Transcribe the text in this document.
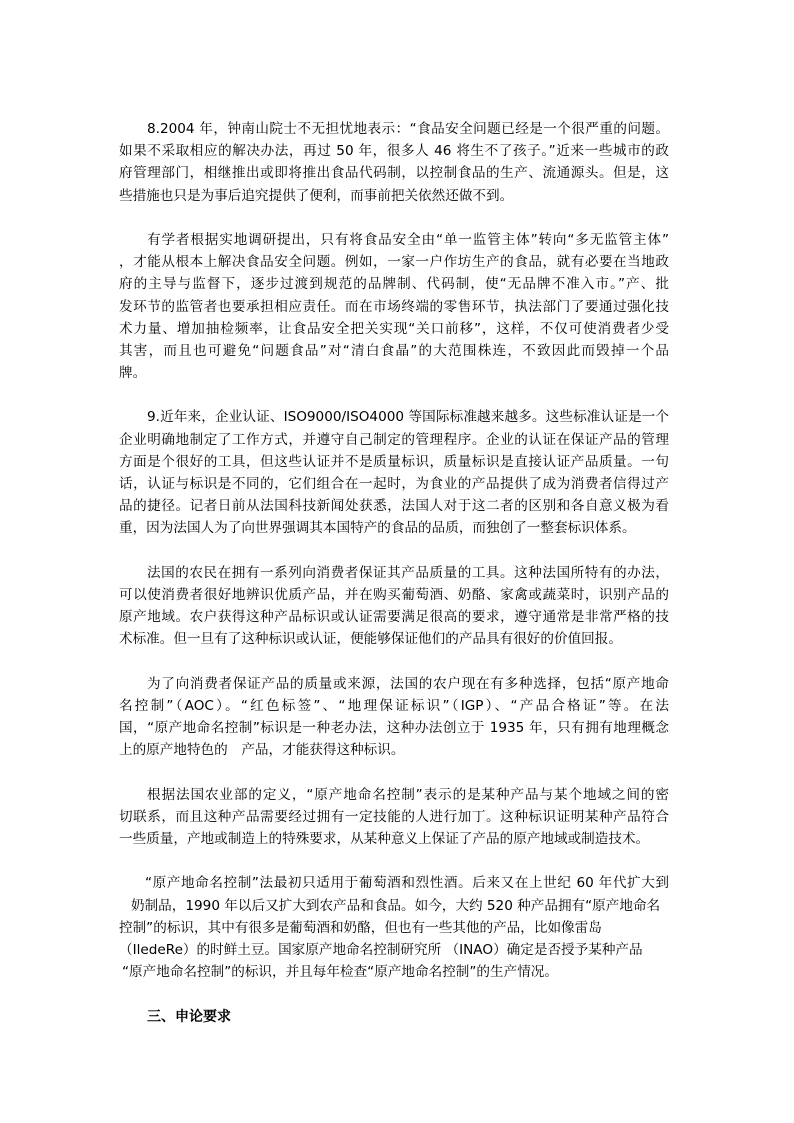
8.2004 年，钟南山院士不无担忧地表示：“食品安全问题已经是一个很严重的问题。
如果不采取相应的解决办法，再过 50 年，很多人 46 将生不了孩子。”近来一些城市的政
府管理部门，相继推出或即将推出食品代码制，以控制食品的生产、流通源头。但是，这
些措施也只是为事后追究提供了便利，而事前把关依然还做不到。
有学者根据实地调研提出，只有将食品安全由“单一监管主体”转向“多无监管主体”
，才能从根本上解决食品安全问题。例如，一家一户作坊生产的食品，就有必要在当地政
府的主导与监督下，逐步过渡到规范的品牌制、代码制，使“无品牌不准入市。”产、批
发环节的监管者也要承担相应责任。而在市场终端的零售环节，执法部门了要通过强化技
术力量、增加抽检频率，让食品安全把关实现“关口前移”，这样，不仅可使消费者少受
其害，而且也可避免“问题食品”对“清白食晶”的大范围株连，不致因此而毁掉一个品
牌。
9.近年来，企业认证、ISO9000/ISO4000 等国际标准越来越多。这些标准认证是一个
企业明确地制定了工作方式，并遵守自己制定的管理程序。企业的认证在保证产品的管理
方面是个很好的工具，但这些认证并不是质量标识，质量标识是直接认证产品质量。一句
话，认证与标识是不同的，它们组合在一起时，为食业的产品提供了成为消费者信得过产
品的捷径。记者日前从法国科技新闻处获悉，法国人对于这二者的区别和各自意义极为看
重，因为法国人为了向世界强调其本国特产的食品的品质，而独创了一整套标识体系。
法国的农民在拥有一系列向消费者保证其产品质量的工具。这种法国所特有的办法，
可以使消费者很好地辨识优质产品，并在购买葡萄酒、奶酪、家禽或蔬菜时，识别产品的
原产地域。农户获得这种产品标识或认证需要满足很高的要求，遵守通常是非常严格的技
术标准。但一旦有了这种标识或认证，便能够保证他们的产品具有很好的价值回报。
为了向消费者保证产品的质量或来源，法国的农户现在有多种选择，包括“原产地命
名控制”（AOC）。“红色标签”、“地理保证标识”（IGP）、“产品合格证”等。在法
国，“原产地命名控制”标识是一种老办法，这种办法创立于 1935 年，只有拥有地理概念
上的原产地特色的　产品，才能获得这种标识。
根据法国农业部的定义，“原产地命名控制”表示的是某种产品与某个地域之间的密
切联系，而且这种产品需要经过拥有一定技能的人进行加丁。这种标识证明某种产品符合
一些质量，产地或制造上的特殊要求，从某种意义上保证了产品的原产地域或制造技术。
“原产地命名控制”法最初只适用于葡萄酒和烈性酒。后来又在上世纪 60 年代扩大到
奶制品，1990 年以后又扩大到农产品和食品。如今，大约 520 种产品拥有“原产地命名
控制”的标识，其中有很多是葡萄酒和奶酪，但也有一些其他的产品，比如像雷岛
（IledeRe）的时鲜土豆。国家原产地命名控制研究所 （INAO）确定是否授予某种产品
“原产地命名控制”的标识，并且每年检查“原产地命名控制”的生产情况。
三、申论要求
